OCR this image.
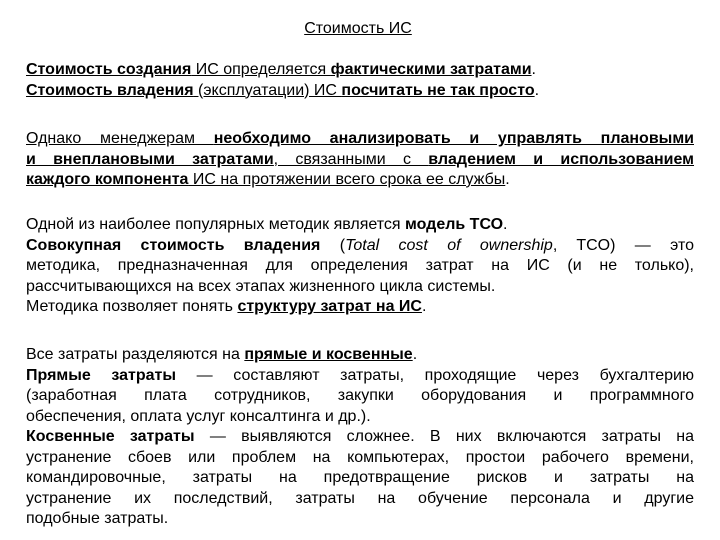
Стоимость ИС
Стоимость создания ИС определяется фактическими затратами.
Стоимость владения (эксплуатации) ИС посчитать не так просто.
Однако менеджерам необходимо анализировать и управлять плановыми
и внеплановыми затратами, связанными с владением и использованием
каждого компонента ИС на протяжении всего срока ее службы.
Одной из наиболее популярных методик является модель ТСО.
Совокупная стоимость владения (Total cost of ownership, TCO) — это
методика, предназначенная для определения затрат на ИС (и не только),
рассчитывающихся на всех этапах жизненного цикла системы.
Методика позволяет понять структуру затрат на ИС.
Все затраты разделяются на прямые и косвенные.
Прямые затраты — составляют затраты, проходящие через бухгалтерию
(заработная плата сотрудников, закупки оборудования и программного
обеспечения, оплата услуг консалтинга и др.).
Косвенные затраты — выявляются сложнее. В них включаются затраты на
устранение сбоев или проблем на компьютерах, простои рабочего времени,
командировочные, затраты на предотвращение рисков и затраты на
устранение их последствий, затраты на обучение персонала и другие
подобные затраты.
